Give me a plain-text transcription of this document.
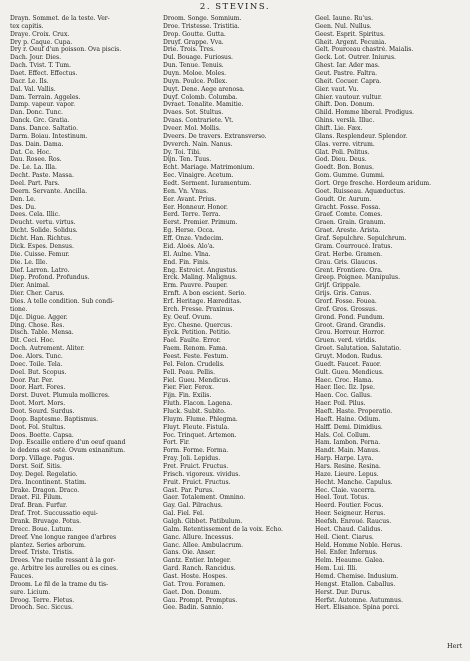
2. STEVINS.
Drayn. Sommet. de la teste. Ver-
tex capitis.
Draye. Croix. Crux.
Dry p. Caque. Cupa.
Dry r. Oeuf d'un poisson. Ova piscis.
Dach. Jour. Dies.
Dach. Tvist. T. Tum.
Daet. Effect. Effectus.
Dacr. Le. Ils.
Dal. Val. Vallis.
Dam. Terrain. Aggeles.
Damp. vapeur. vapor.
Dan. Donc. Tunc.
Danck. Grc. Gratia.
Dans. Dance. Saltatio.
Darm. Boiau. Intestinum.
Das. Dain. Dama.
Dat. Ce. Hoc.
Dau. Rosee. Ros.
De. Le. La. Illa.
Decht. Paste. Massa.
Deel. Part. Pars.
Deern. Servante. Ancilla.
Den. Le.
Des. Du.
Dees. Cela. Illic.
Deucht. vertu. virtus.
Dicht. Solide. Solidus.
Dicht. Han. Richtus.
Dick. Espes. Densus.
Die. Cuisse. Femur.
Die. Le. Ille.
Dief. Larron. Latro.
Diep. Profond. Profundus.
Dier. Animal.
Dier. Cher. Carus.
Dies. A telle condition. Sub condi-
tione.
Dijc. Digue. Agger.
Ding. Chose. Res.
Disch. Table. Mensa.
Dit. Ceci. Hoc.
Doch. Autrement. Aliter.
Doe. Alors. Tunc.
Doec. Toile. Tela.
Doel. But. Scopus.
Door. Par. Per.
Door. Hart. Fores.
Dorst. Duvet. Plumula mollicres.
Doot. Mort. Mors.
Doot. Sourd. Surdus.
Doop. Baptesme. Baptismus.
Doot. Fol. Stultus.
Doos. Boette. Capsa.
Dop. Escaille entiere d'un oeuf quand
le dedens est osté. Ovum exinanitum.
Dorp. Village. Pagus.
Dorst. Soif. Sitis.
Doy. Degel. Regelatio.
Dra. Incontinent. Statim.
Drake. Dragon. Draco.
Draet. Fil. Filum.
Draf. Bran. Furfur.
Draf. Trot. Succussatio equi-
Drank. Bruvage. Potus.
Drecc. Boue. Lutum.
Dreef. Vne longue rangee d'arbres
plantez. Series arborum.
Dreef. Triste. Tristis.
Drees. Vne ruelle ressant à la gor-
ge. Arbitre les aurelles ou es cines.
Fauces.
Droom. Le fil de la trame du tis-
sure. Licium.
Droog. Terre. Fletus.
Drooch. Sec. Siccus.
Droom. Songe. Somnium.
Droe. Tristesse. Tristitia.
Drop. Goutte. Gutta.
Druyf. Grappe. Vva.
Drie. Trois. Tres.
Dul. Bouage. Furiosus.
Dun. Tenue. Tenuis.
Duyn. Moloe. Moles.
Duyn. Poulce. Pollex.
Duyt. Dene. Aege arenosa.
Duyf. Colomb. Columba.
Dvraet. Tonalite. Mamitie.
Dvaes. Sot. Stultus.
Dvaas. Contrariete. Vt.
Dveer. Mol. Mollis.
Dveers. De travers. Extransverso.
Dvverch. Nain. Nanus.
Dy. Toi. Tibi.
Dijn. Ten. Tuus.
Echt. Mariage. Matrimonium.
Eec. Vinaigre. Acetum.
Eedt. Serment. Iuramentum.
Een. Vn. Vnus.
Eer. Avant. Prius.
Eer. Honneur. Honor.
Eerd. Terre. Terra.
Eerst. Premier. Primum.
Eg. Herse. Occa.
Eff. Onze. Vndecim.
Eid. Aloés. Alo'a.
El. Aulne. Vlna.
End. Fin. Finis.
Eng. Estroict. Angustus.
Erck. Maling. Malignus.
Erm. Pauvre. Pauper.
Ernft. A bon escient. Serio.
Erf. Heritage. Hæreditas.
Erch. Fresse. Praxinus.
Ey. Oeuf. Ovum.
Eyc. Chesne. Quercus.
Eyck. Petition. Petitio.
Fael. Faulte. Error.
Faem. Renom. Fama.
Feest. Feste. Festum.
Fel. Felon. Crudelis.
Fell. Peau. Pellis.
Fiel. Gueu. Mendicus.
Fier. Fier. Ferox.
Fijn. Fin. Exilis.
Fluth. Flacon. Lagena.
Fluck. Subit. Subito.
Fluym. Flume. Phlegma.
Fluyt. Fleute. Fistula.
Foc. Trinquet. Artemon.
Fort. Fir.
Form. Forme. Forma.
Fray. Joli. Lepidus.
Fret. Fruict. Fructus.
Frisch. vigoreux. vividus.
Fruit. Fruict. Fructus.
Gast. Par. Purus.
Gaer. Totalement. Omnino.
Gay. Gal. Pilrachus.
Gal. Fiel. Fel.
Galgh. Gibbet. Patibulum.
Galm. Retentissement de la voix. Echo.
Ganc. Allure. Incessus.
Ganc. Allee. Ambulacrum.
Gans. Oie. Anser.
Gantz. Entier. Integer.
Gard. Ranch. Rancidus.
Gast. Hoste. Hospes.
Gat. Trou. Foramen.
Gaet. Don. Donum.
Gau. Prompt. Promptus.
Gee. Badin. Sannio.
Geel. Iaune. Ru'us.
Geen. Nul. Nullus.
Geest. Esprit. Spiritus.
Gheit. Argent. Pecunia.
Gelt. Pourceau chastré. Maialis.
Geck. Lot. Outrer. Iniurus.
Ghest. Iar. Ader mas.
Geut. Pastre. Faltra.
Gheit. Cocuer. Capra.
Gier. vaut. Vu.
Ghier. vautour. vultur.
Ghift. Don. Donum.
Ghild. Homme liberal. Prodigus.
Ghins. verslà. Illuc.
Ghift. Lie. Fæx.
Glans. Resplendeur. Splendor.
Glas. verre. vitrum.
Glat. Poli. Politus.
God. Dieu. Deus.
Goedt. Bon. Bonus.
Gom. Gumme. Gummi.
Gort. Orge fresche. Hordeum aridum.
Goet. Ruisseau. Aquæductus.
Goudt. Or. Aurum.
Gracht. Fosse. Fossa.
Graef. Comte. Comes.
Graen. Grain. Granum.
Graet. Areste. Arista.
Graf. Sepulchre. Sepulchrum.
Gram. Courroucé. Iratus.
Grat. Herbe. Gramen.
Grau. Gris. Glaucus.
Grent. Frontiere. Ora.
Greep. Poignee. Manipulus.
Grijf. Grippale.
Grijs. Gris. Canus.
Grorf. Fosse. Fouea.
Grof. Gros. Grossus.
Grond. Fond. Fundum.
Groot. Grand. Grandis.
Grou. Horreur. Horror.
Gruen. verd. viridis.
Groet. Salutation. Salutatio.
Gruyt. Modon. Rudus.
Guedt. Faucet. Fauor.
Gult. Gueu. Mendicus.
Haec. Croc. Hama.
Haer. Ilec. Ilz. Ipse.
Haen. Coc. Gallus.
Haer. Poil. Pilus.
Haeft. Haste. Properatio.
Haeft. Haine. Odium.
Halff. Demi. Dimidius.
Hals. Col. Collum.
Ham. Iambon. Perna.
Handt. Main. Manus.
Harp. Harpe. Lyra.
Hars. Resine. Resina.
Haze. Lieure. Lepus.
Hecht. Manche. Capulus.
Hec. Claie. vacerra.
Heel. Tout. Totus.
Heerd. Foutier. Focus.
Heer. Seigneur. Herus.
Heefsh. Enroué. Raucus.
Heet. Chaud. Calidus.
Heil. Cient. Ciarus.
Held. Homme Noble. Herus.
Hel. Enfer. Infernus.
Helm. Heaume. Galea.
Hem. Lui. Illi.
Hemd. Chemise. Indusium.
Hengst. Etallon. Caballus.
Herst. Dur. Durus.
Herfst. Automne. Autumnus.
Hert. Elisance. Spina porci.
Hert
